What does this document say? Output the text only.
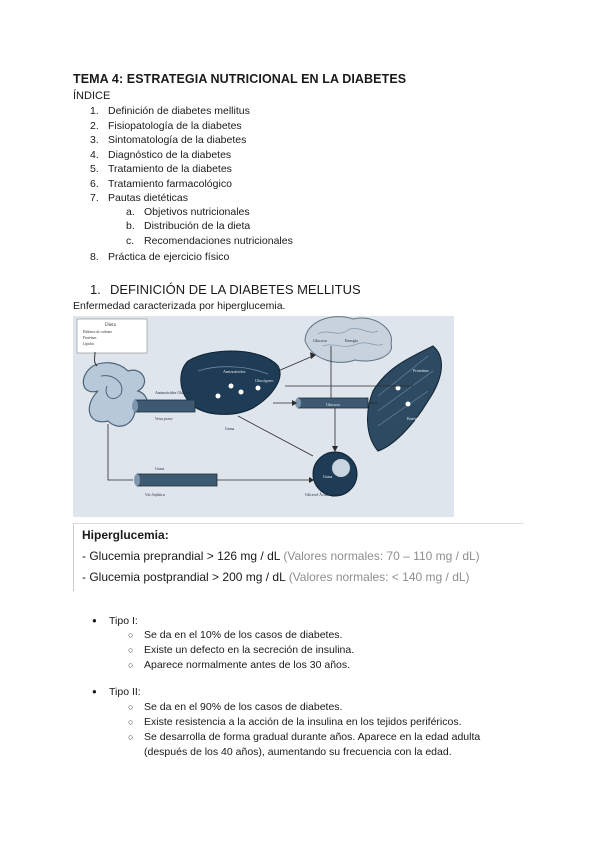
TEMA 4: ESTRATEGIA NUTRICIONAL EN LA DIABETES
ÍNDICE
1. Definición de diabetes mellitus
2. Fisiopatología de la diabetes
3. Sintomatología de la diabetes
4. Diagnóstico de la diabetes
5. Tratamiento de la diabetes
6. Tratamiento farmacológico
7. Pautas dietéticas
a. Objetivos nutricionales
b. Distribución de la dieta
c. Recomendaciones nutricionales
8. Práctica de ejercicio físico
1. DEFINICIÓN DE LA DIABETES MELLITUS
Enfermedad caracterizada por hiperglucemia.
Dieta
Hidratos de carbono
Proteínas
Lípidos
Aminoácidos
Glucógeno
Aminoácidos Glucosa
Vena porta
Glucosa	Energía
Glucosa
Proteínas
Energía
Grasa
Glicerol Ácidos grasos
Grasa
Vía linfática
Grasa
Hiperglucemia:
- Glucemia preprandial > 126 mg / dL (Valores normales: 70 – 110 mg / dL)
- Glucemia postprandial > 200 mg / dL (Valores normales: < 140 mg / dL)
● Tipo I:
○ Se da en el 10% de los casos de diabetes.
○ Existe un defecto en la secreción de insulina.
○ Aparece normalmente antes de los 30 años.
● Tipo II:
○ Se da en el 90% de los casos de diabetes.
○ Existe resistencia a la acción de la insulina en los tejidos periféricos.
○ Se desarrolla de forma gradual durante años. Aparece en la edad adulta
(después de los 40 años), aumentando su frecuencia con la edad.
